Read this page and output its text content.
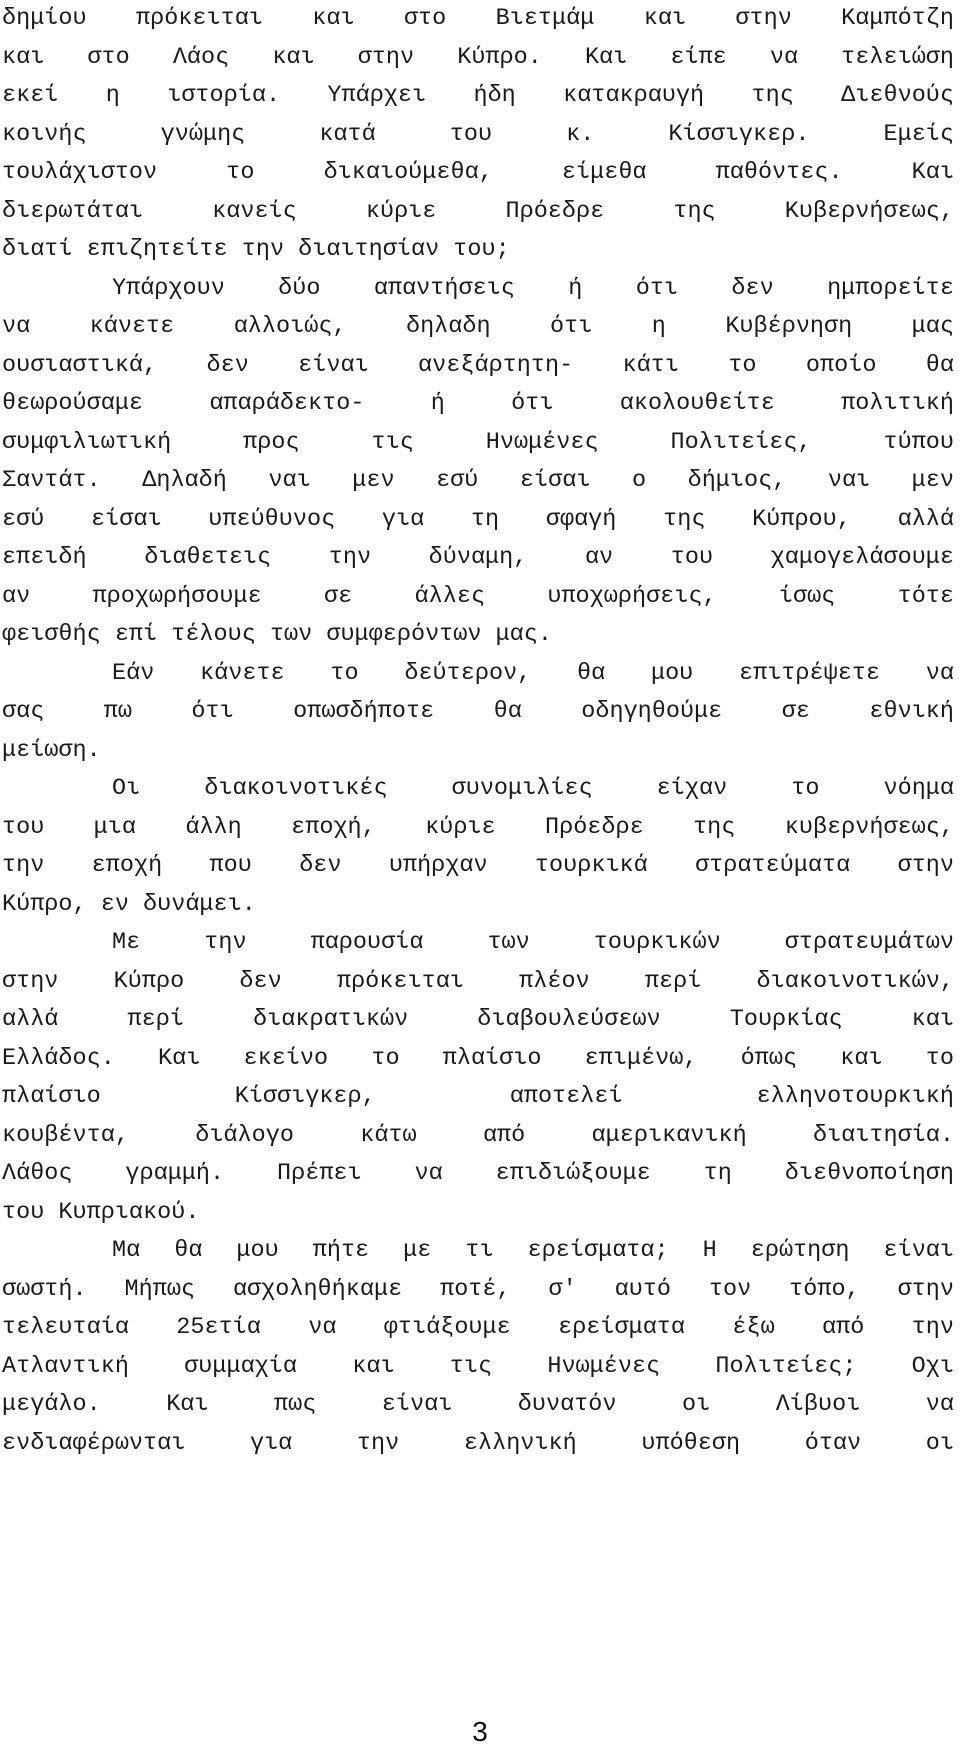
δημίου πρόκειται και στο Βιετμάμ και στην Καμπότζη
και στο Λάος και στην Κύπρο. Και είπε να τελειώση
εκεί η ιστορία. Υπάρχει ήδη κατακραυγή της Διεθνούς
κοινής γνώμης κατά του κ. Κίσσιγκερ. Εμείς
τουλάχιστον το δικαιούμεθα, είμεθα παθόντες. Και
διερωτάται κανείς κύριε Πρόεδρε της Κυβερνήσεως,
διατί επιζητείτε την διαιτησίαν του;
Υπάρχουν δύο απαντήσεις ή ότι δεν ημπορείτε
να κάνετε αλλοιώς, δηλαδη ότι η Κυβέρνηση μας
ουσιαστικά, δεν είναι ανεξάρτητη- κάτι το οποίο θα
θεωρούσαμε απαράδεκτο- ή ότι ακολουθείτε πολιτική
συμφιλιωτική προς τις Ηνωμένες Πολιτείες, τύπου
Σαντάτ. Δηλαδή ναι μεν εσύ είσαι ο δήμιος, ναι μεν
εσύ είσαι υπεύθυνος για τη σφαγή της Κύπρου, αλλά
επειδή διαθετεις την δύναμη, αν του χαμογελάσουμε
αν προχωρήσουμε σε άλλες υποχωρήσεις, ίσως τότε
φεισθής επί τέλους των συμφερόντων μας.
Εάν κάνετε το δεύτερον, θα μου επιτρέψετε να
σας πω ότι οπωσδήποτε θα οδηγηθούμε σε εθνική
μείωση.
Οι διακοινοτικές συνομιλίες είχαν το νόημα
του μια άλλη εποχή, κύριε Πρόεδρε της κυβερνήσεως,
την εποχή που δεν υπήρχαν τουρκικά στρατεύματα στην
Κύπρο, εν δυνάμει.
Με την παρουσία των τουρκικών στρατευμάτων
στην Κύπρο δεν πρόκειται πλέον περί διακοινοτικών,
αλλά περί διακρατικών διαβουλεύσεων Τουρκίας και
Ελλάδος. Και εκείνο το πλαίσιο επιμένω, όπως και το
πλαίσιο Κίσσιγκερ, αποτελεί ελληνοτουρκική
κουβέντα, διάλογο κάτω από αμερικανική διαιτησία.
Λάθος γραμμή. Πρέπει να επιδιώξουμε τη διεθνοποίηση
του Κυπριακού.
Μα θα μου πήτε με τι ερείσματα; Η ερώτηση είναι
σωστή. Μήπως ασχοληθήκαμε ποτέ, σ' αυτό τον τόπο, στην
τελευταία 25ετία να φτιάξουμε ερείσματα έξω από την
Ατλαντική συμμαχία και τις Ηνωμένες Πολιτείες; Οχι
μεγάλο. Και πως είναι δυνατόν οι Λίβυοι να
ενδιαφέρωνται για την ελληνική υπόθεση όταν οι
3
